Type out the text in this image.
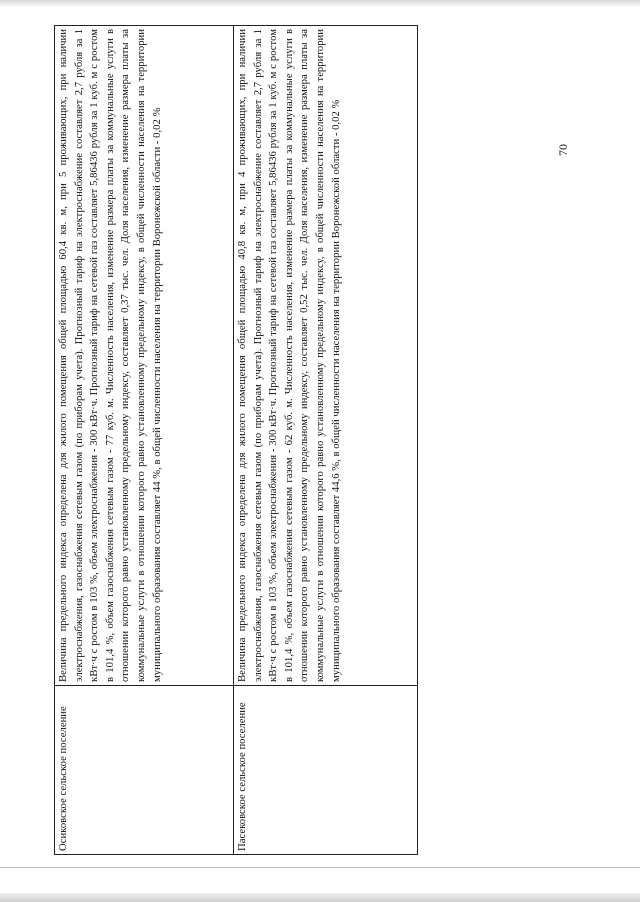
70
Осиковское сельское поселение	Величина предельного индекса определена для жилого помещения общей площадью 60,4 кв. м, при 5 проживающих, при наличии электроснабжения, газоснабжения сетевым газом (по приборам учета). Прогнозный тариф на электроснабжение составляет 2,7 рубля за 1 кВт·ч с ростом в 103 %, объем электроснабжения - 300 кВт·ч. Прогнозный тариф на сетевой газ составляет 5,86436 рубля за 1 куб. м с ростом в 101,4 %, объем газоснабжения сетевым газом - 77 куб. м. Численность населения, изменение размера платы за коммунальные услуги в отношении которого равно установленному предельному индексу, составляет 0,37 тыс. чел. Доля населения, изменение размера платы за коммунальные услуги в отношении которого равно установленному предельному индексу, в общей численности населения на территории муниципального образования составляет 44 %, в общей численности населения на территории Воронежской области - 0,02 %
Пасековское сельское поселение	Величина предельного индекса определена для жилого помещения общей площадью 40,8 кв. м, при 4 проживающих, при наличии электроснабжения, газоснабжения сетевым газом (по приборам учета). Прогнозный тариф на электроснабжение составляет 2,7 рубля за 1 кВт·ч с ростом в 103 %, объем электроснабжения - 300 кВт·ч. Прогнозный тариф на сетевой газ составляет 5,86436 рубля за 1 куб. м с ростом в 101,4 %, объем газоснабжения сетевым газом - 62 куб. м. Численность населения, изменение размера платы за коммунальные услуги в отношении которого равно установленному предельному индексу, составляет 0,52 тыс. чел. Доля населения, изменение размера платы за коммунальные услуги в отношении которого равно установленному предельному индексу, в общей численности населения на территории муниципального образования составляет 44,6 %, в общей численности населения на территории Воронежской области - 0,02 %
